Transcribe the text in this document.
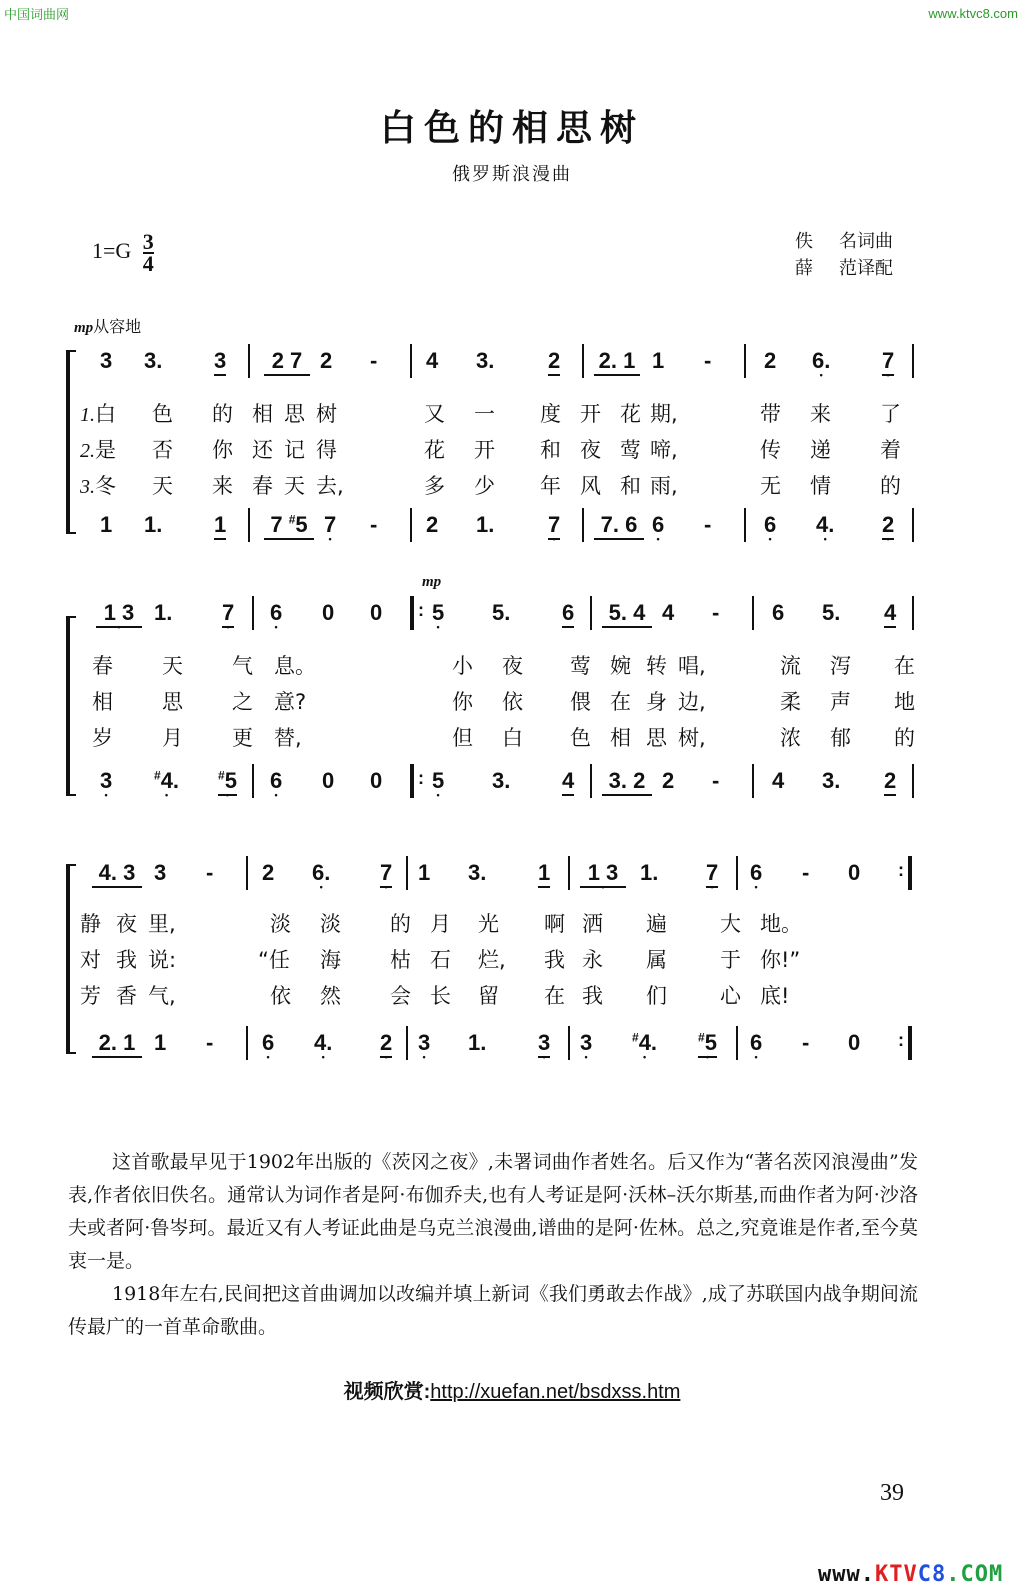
中国词曲网	www.ktvc8.com
白色的相思树
俄罗斯浪漫曲
$1=G \frac{3}{4}$	佚 名词曲
薛 范译配
mp从容地
3 3. 3	2 7 2 - 4 3. 2 2. 1 1 - 2 6. • 7 •
1.白 色 的 相 思 树	又 一 度 开 花 期,	带 来 了
2.是 否 你 还 记 得	花 开 和 夜 莺 啼,	传 递 着
3.冬 天 来 春 天 去,	多 少 年 风 和 雨,	无 情 的
1 1. 1 7 #5 7 • - 2 1. 7 •	7. 6 6 • - 6 • 4. • 2 •
mp
1 3 • 1. 7 • 6 • 0 0 : 5 • 5. 6	5. 4 4 - 6 5. 4
春 天 气 息。	小 夜 莺 婉 转 唱,	流 泻 在
相 思 之 意?	你 依 偎 在 身 边,	柔 声 地
岁 月 更 替,	但 白 色 相 思 树,	浓 郁 的
3 •	#4. •	#5 • 6 • 0 0 : 5 • 3. 4	3. 2 2 - 4 3. 2
4. 3 3 - 2 6. • 7 • 1 3. 1	1 3 • 1. 7 • 6 • - 0 :
静 夜 里,	淡 淡 的 月 光 啊 洒 遍	大 地。
对 我 说:	“任 海 枯 石 烂, 我 永 属	于 你!”
芳 香 气,	依 然 会 长 留 在 我 们	心 底!
2. 1 1 - 6 • 4. • 2 • 3 • 1. 3 • 3 •	#4. •	#5 • 6 • - 0 :
这首歌最早见于1902年出版的《茨冈之夜》,未署词曲作者姓名。后又作为“著名茨冈浪漫曲”发表,作者依旧佚名。通常认为词作者是阿·布伽乔夫,也有人考证是阿·沃林–沃尔斯基,而曲作者为阿·沙洛夫或者阿·鲁岑珂。最近又有人考证此曲是乌克兰浪漫曲,谱曲的是阿·佐林。总之,究竟谁是作者,至今莫衷一是。
1918年左右,民间把这首曲调加以改编并填上新词《我们勇敢去作战》,成了苏联国内战争期间流传最广的一首革命歌曲。
视频欣赏:http://xuefan.net/bsdxss.htm
39
www.KTVC8.COM
